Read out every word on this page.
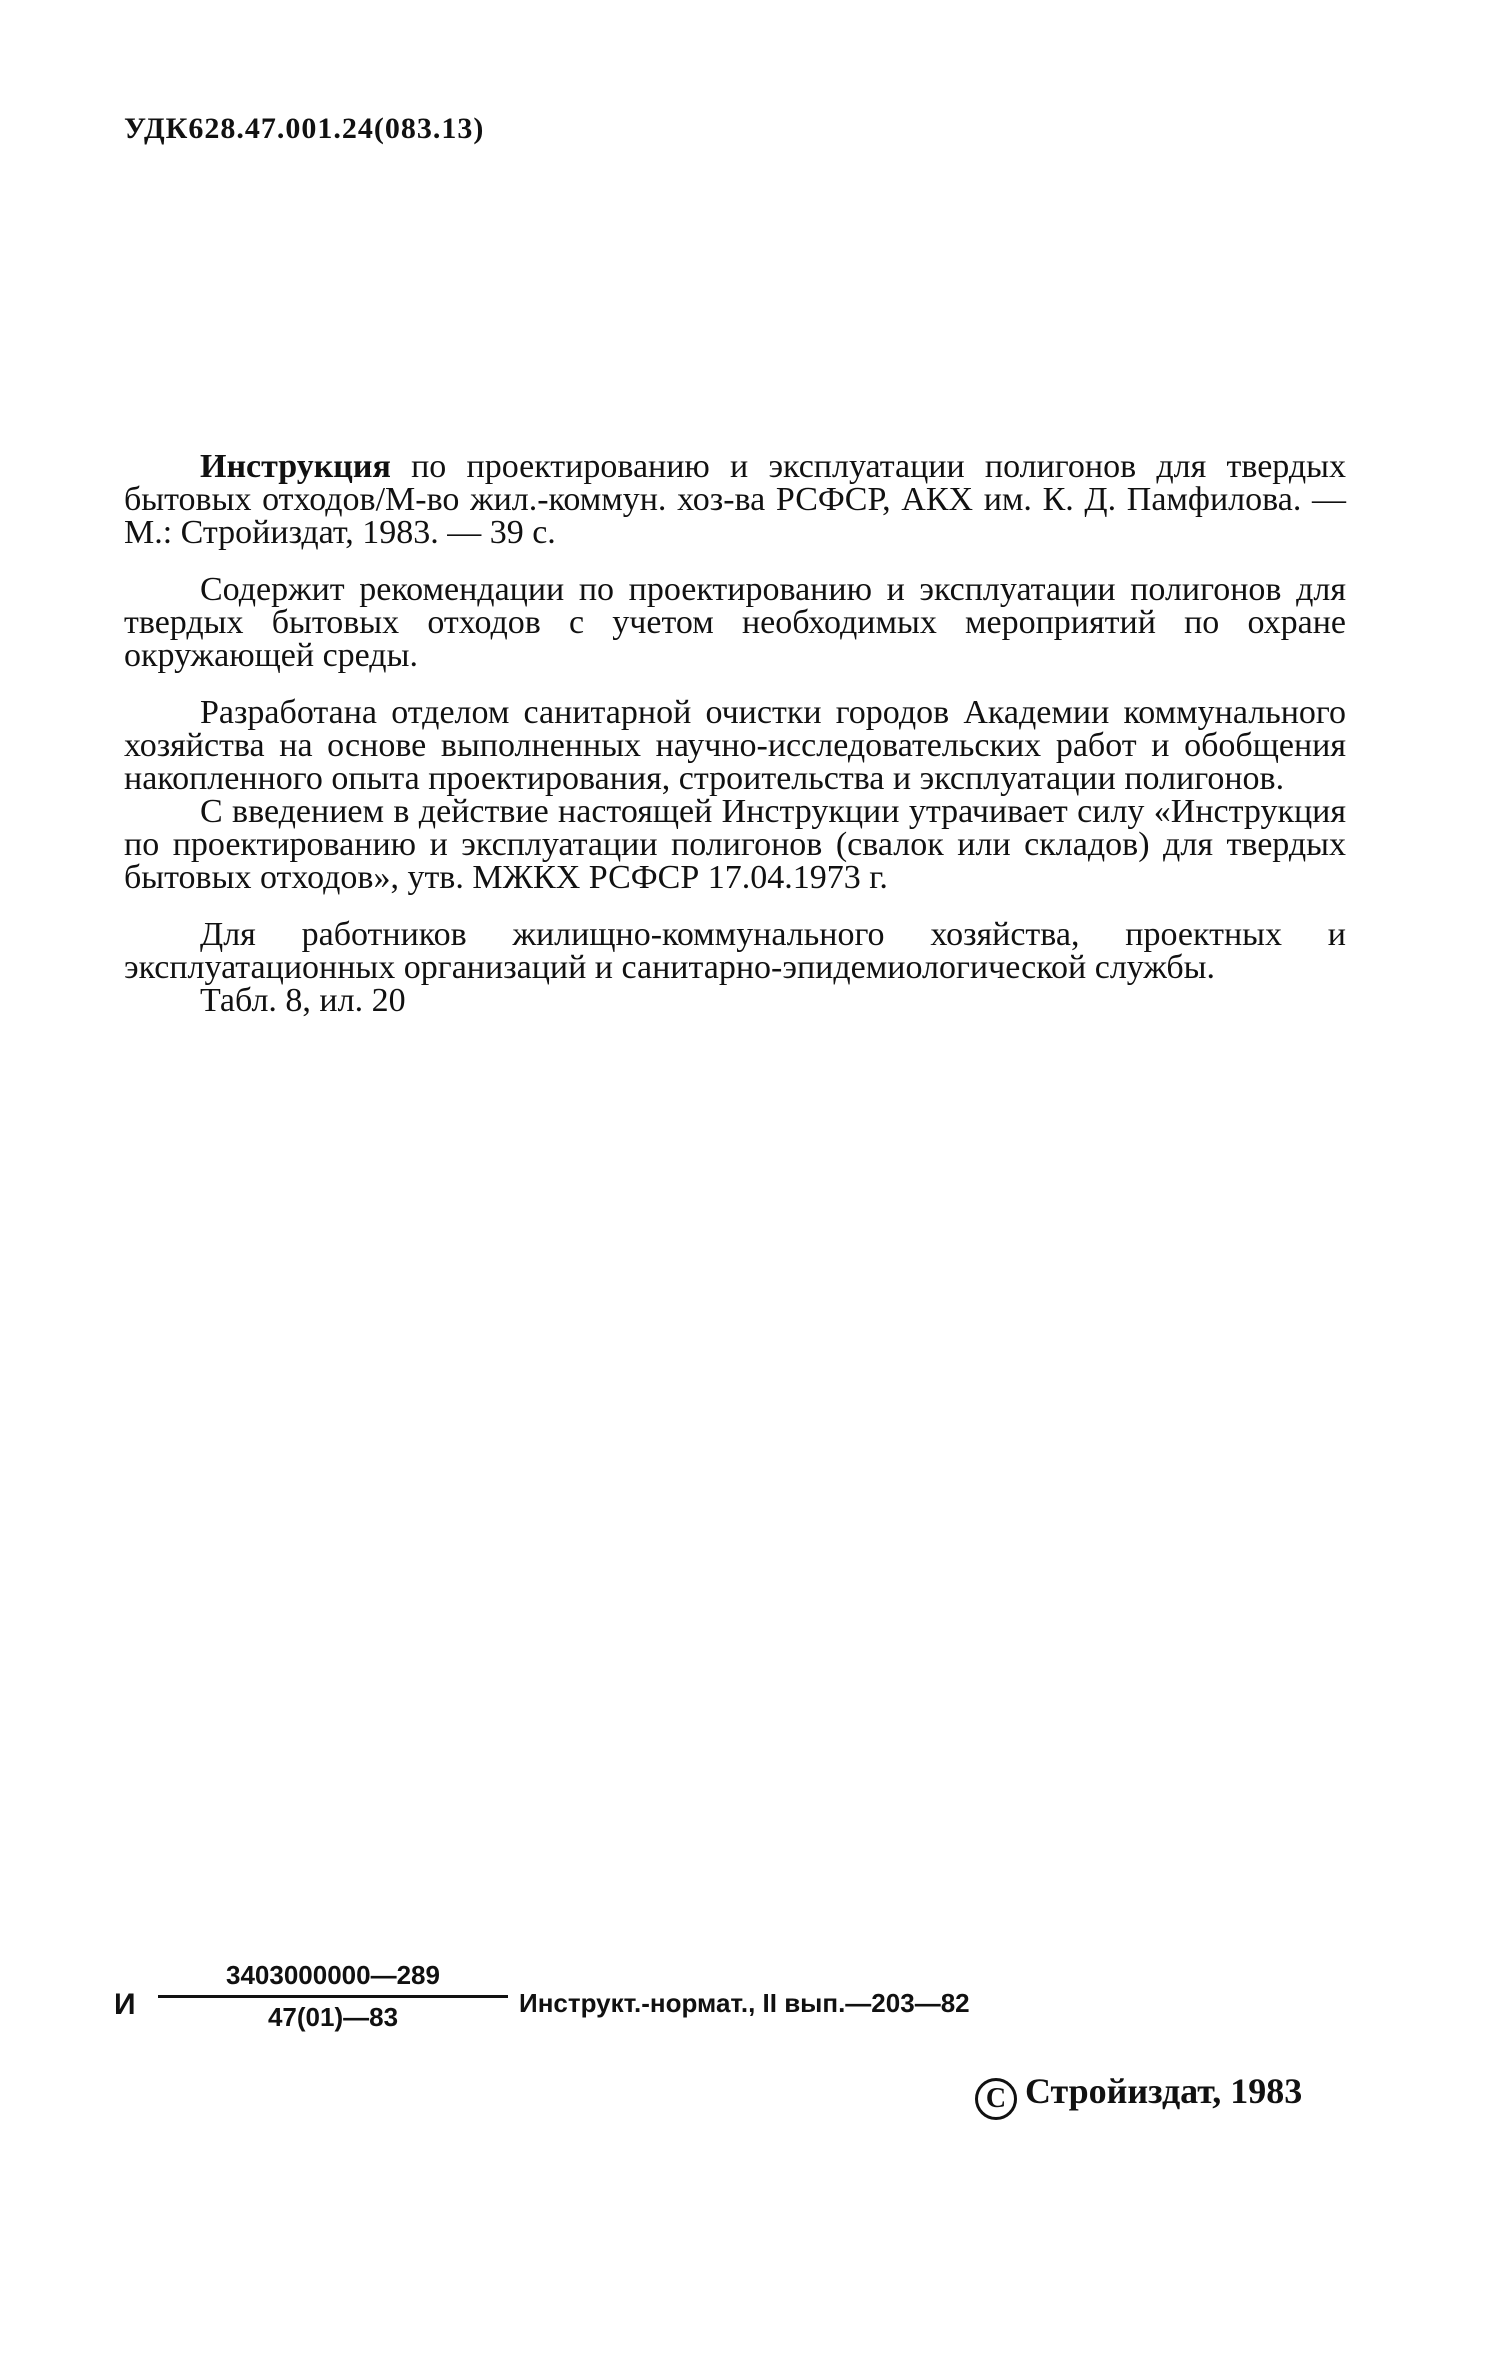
УДК628.47.001.24(083.13)

Инструкция по проектированию и эксплуатации полигонов для твердых бытовых отходов/М-во жил.-коммун. хоз-ва РСФСР, АКХ им. К. Д. Памфилова. — М.: Стройиздат, 1983. — 39 с.

Содержит рекомендации по проектированию и эксплуатации полигонов для твердых бытовых отходов с учетом необходимых мероприятий по охране окружающей среды.

Разработана отделом санитарной очистки городов Академии коммунального хозяйства на основе выполненных научно-исследовательских работ и обобщения накопленного опыта проектирования, строительства и эксплуатации полигонов.

С введением в действие настоящей Инструкции утрачивает силу «Инструкция по проектированию и эксплуатации полигонов (свалок или складов) для твердых бытовых отходов», утв. МЖКХ РСФСР 17.04.1973 г.

Для работников жилищно-коммунального хозяйства, проектных и эксплуатационных организаций и санитарно-эпидемиологической службы.

Табл. 8, ил. 20

И $\frac{3403000000—289}{47(01)—83}$ Инструкт.-нормат., II вып.—203—82
C Стройиздат, 1983
